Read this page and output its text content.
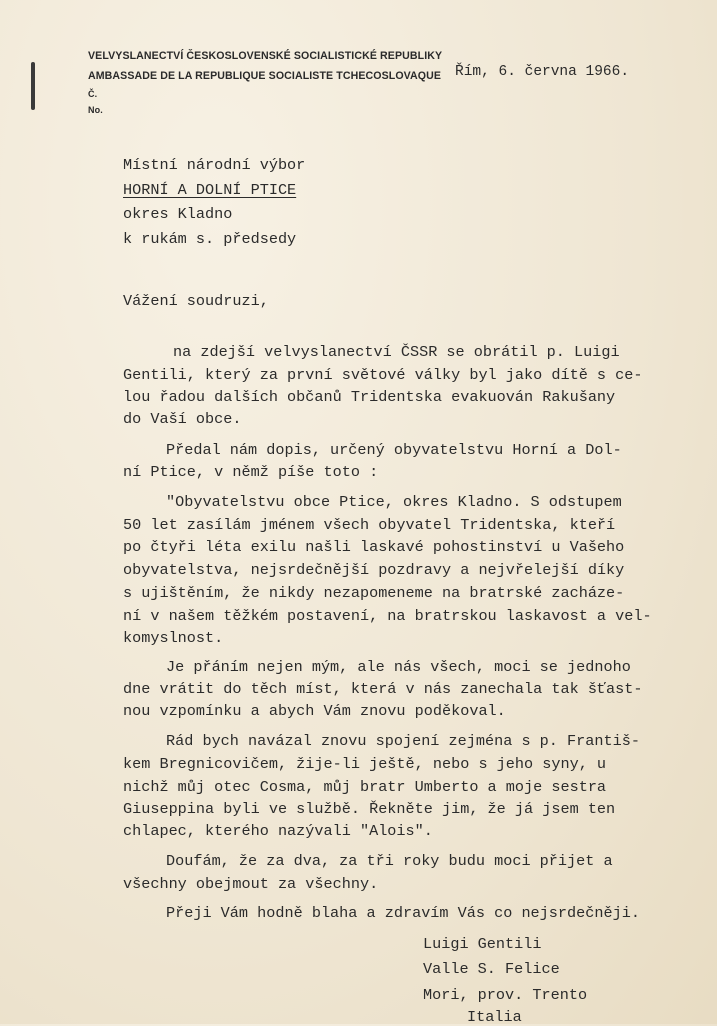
VELVYSLANECTVÍ ČESKOSLOVENSKÉ SOCIALISTICKÉ REPUBLIKY
AMBASSADE DE LA REPUBLIQUE SOCIALISTE TCHECOSLOVAQUE
Č.
No.
Řím, 6. června 1966.
Místní národní výbor
HORNÍ A DOLNÍ PTICE
okres Kladno
k rukám s. předsedy
Vážení soudruzi,
na zdejší velvyslanectví ČSSR se obrátil p. Luigi
Gentili, který za první světové války byl jako dítě s ce-
lou řadou dalších občanů Tridentska evakuován Rakušany
do Vaší obce.
Předal nám dopis, určený obyvatelstvu Horní a Dol-
ní Ptice, v němž píše toto :
"Obyvatelstvu obce Ptice, okres Kladno. S odstupem
50 let zasílám jménem všech obyvatel Tridentska, kteří
po čtyři léta exilu našli laskavé pohostinství u Vašeho
obyvatelstva, nejsrdečnější pozdravy a nejvřelejší díky
s ujištěním, že nikdy nezapomeneme na bratrské zacháze-
ní v našem těžkém postavení, na bratrskou laskavost a vel-
komyslnost.
Je přáním nejen mým, ale nás všech, moci se jednoho
dne vrátit do těch míst, která v nás zanechala tak šťast-
nou vzpomínku a abych Vám znovu poděkoval.
Rád bych navázal znovu spojení zejména s p. Františ-
kem Bregnicovičem, žije-li ještě, nebo s jeho syny, u
nichž můj otec Cosma, můj bratr Umberto a moje sestra
Giuseppina byli ve službě. Řekněte jim, že já jsem ten
chlapec, kterého nazývali "Alois".
Doufám, že za dva, za tři roky budu moci přijet a
všechny obejmout za všechny.
Přeji Vám hodně blaha a zdravím Vás co nejsrdečněji.
Luigi Gentili
Valle S. Felice
Mori, prov. Trento
Italia
